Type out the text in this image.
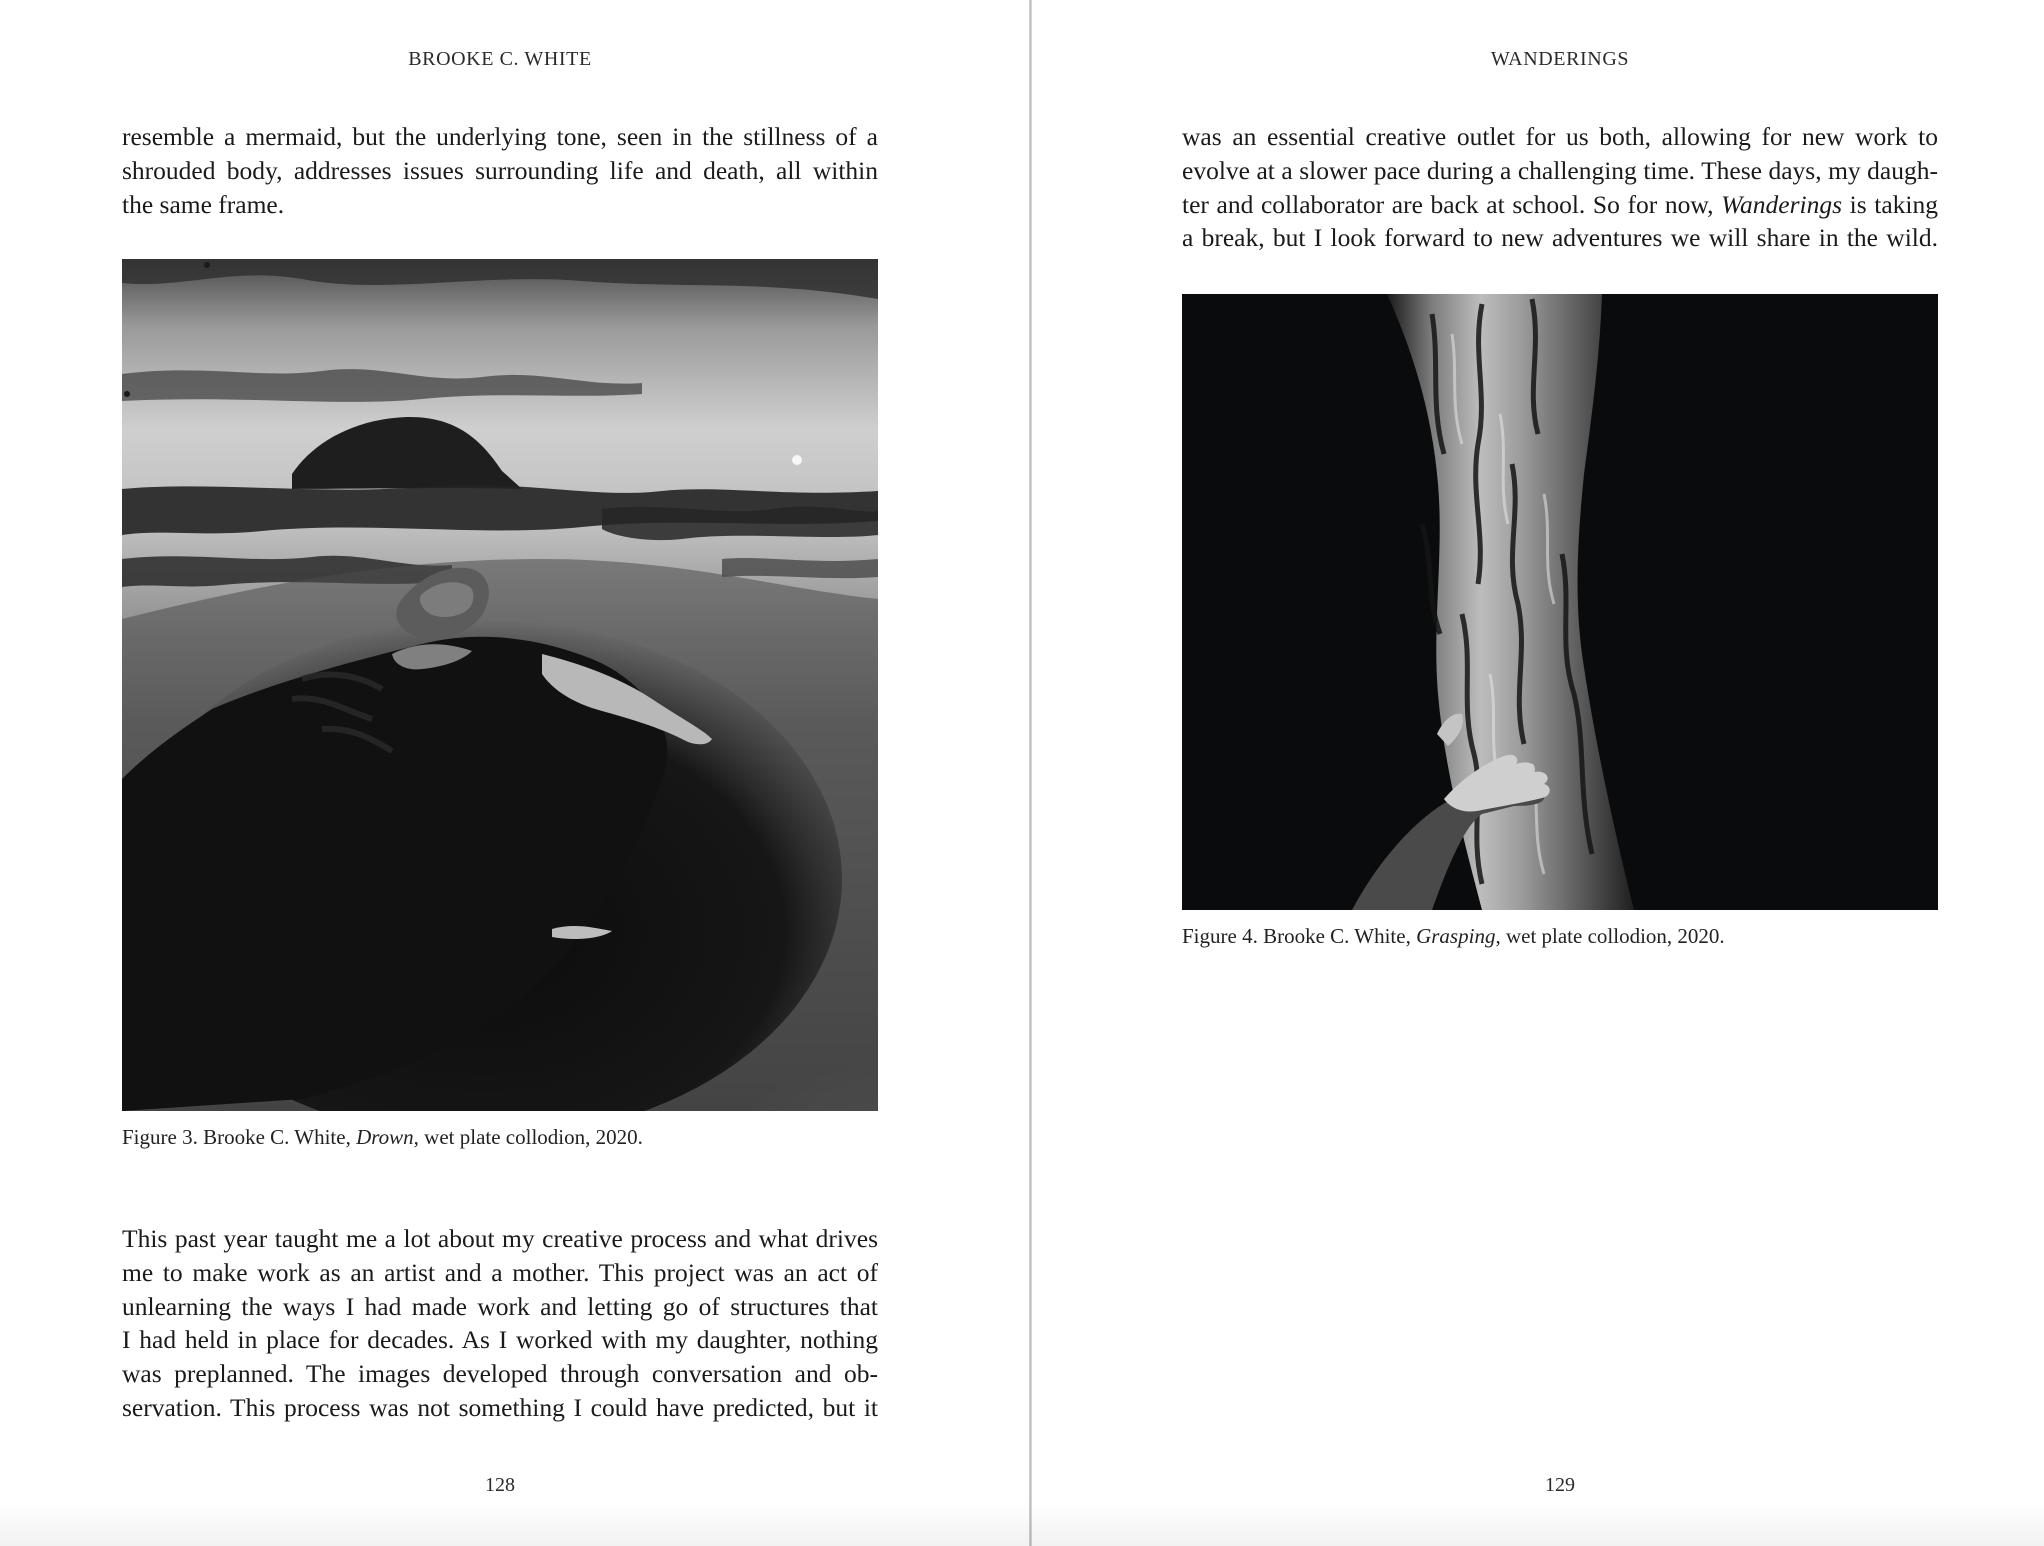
BROOKE C. WHITE
resemble a mermaid, but the underlying tone, seen in the stillness of a
shrouded body, addresses issues surrounding life and death, all within
the same frame.
Figure 3. Brooke C. White, Drown, wet plate collodion, 2020.
This past year taught me a lot about my creative process and what drives
me to make work as an artist and a mother. This project was an act of
unlearning the ways I had made work and letting go of structures that
I had held in place for decades. As I worked with my daughter, nothing
was preplanned. The images developed through conversation and ob-
servation. This process was not something I could have predicted, but it
128
WANDERINGS
was an essential creative outlet for us both, allowing for new work to
evolve at a slower pace during a challenging time. These days, my daugh-
ter and collaborator are back at school. So for now, Wanderings is taking
a break, but I look forward to new adventures we will share in the wild.
Figure 4. Brooke C. White, Grasping, wet plate collodion, 2020.
129
